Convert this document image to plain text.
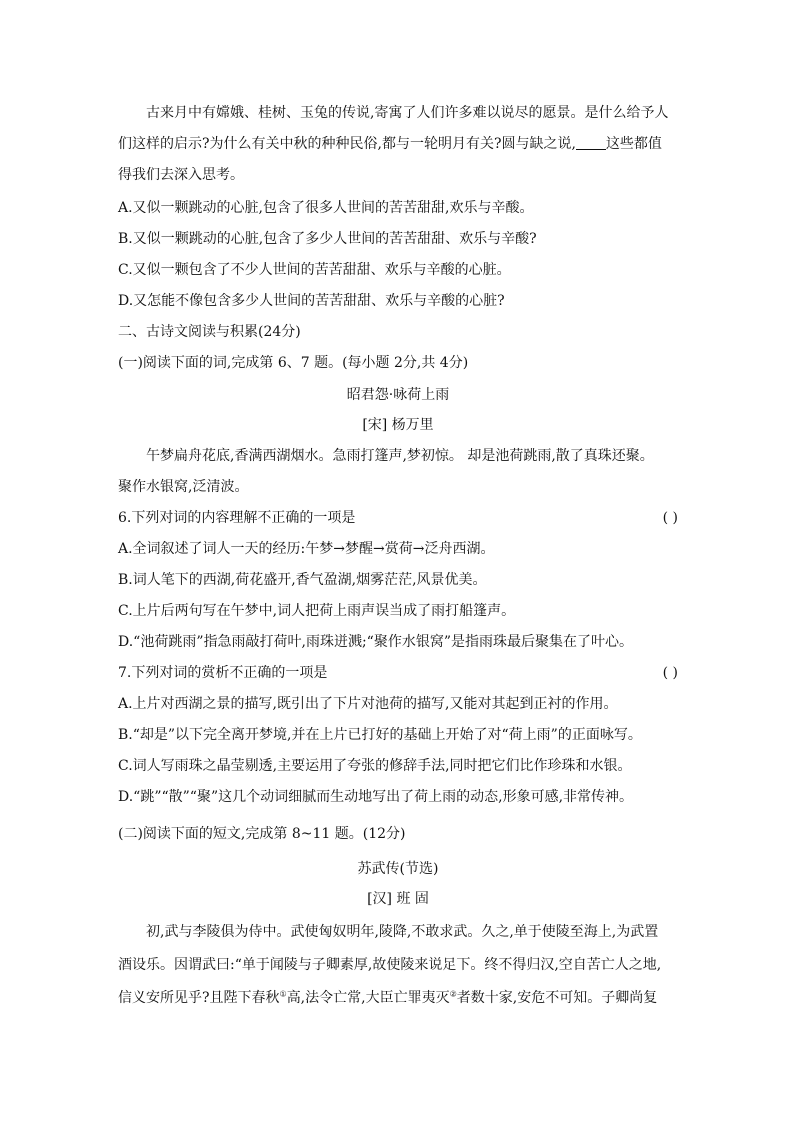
古来月中有嫦娥、桂树、玉兔的传说,寄寓了人们许多难以说尽的愿景。是什么给予人
们这样的启示?为什么有关中秋的种种民俗,都与一轮明月有关?圆与缺之说, 这些都值
得我们去深入思考。
A.又似一颗跳动的心脏,包含了很多人世间的苦苦甜甜,欢乐与辛酸。
B.又似一颗跳动的心脏,包含了多少人世间的苦苦甜甜、欢乐与辛酸?
C.又似一颗包含了不少人世间的苦苦甜甜、欢乐与辛酸的心脏。
D.又怎能不像包含多少人世间的苦苦甜甜、欢乐与辛酸的心脏?
二、古诗文阅读与积累(24分)
(一)阅读下面的词,完成第 6、7 题。(每小题 2分,共 4分)
昭君怨·咏荷上雨
[宋] 杨万里
午梦扁舟花底,香满西湖烟水。急雨打篷声,梦初惊。 却是池荷跳雨,散了真珠还聚。
聚作水银窝,泛清波。
6.下列对词的内容理解不正确的一项是	( )
A.全词叙述了词人一天的经历:午梦→梦醒→赏荷→泛舟西湖。
B.词人笔下的西湖,荷花盛开,香气盈湖,烟雾茫茫,风景优美。
C.上片后两句写在午梦中,词人把荷上雨声误当成了雨打船篷声。
D.“池荷跳雨”指急雨敲打荷叶,雨珠迸溅;“聚作水银窝”是指雨珠最后聚集在了叶心。
7.下列对词的赏析不正确的一项是	( )
A.上片对西湖之景的描写,既引出了下片对池荷的描写,又能对其起到正衬的作用。
B.“却是”以下完全离开梦境,并在上片已打好的基础上开始了对“荷上雨”的正面咏写。
C.词人写雨珠之晶莹剔透,主要运用了夸张的修辞手法,同时把它们比作珍珠和水银。
D.“跳”“散”“聚”这几个动词细腻而生动地写出了荷上雨的动态,形象可感,非常传神。
(二)阅读下面的短文,完成第 8~11 题。(12分)
苏武传(节选)
[汉] 班 固
初,武与李陵俱为侍中。武使匈奴明年,陵降,不敢求武。久之,单于使陵至海上,为武置
酒设乐。因谓武曰:“单于闻陵与子卿素厚,故使陵来说足下。终不得归汉,空自苦亡人之地,
信义安所见乎?且陛下春秋①高,法令亡常,大臣亡罪夷灭②者数十家,安危不可知。子卿尚复
